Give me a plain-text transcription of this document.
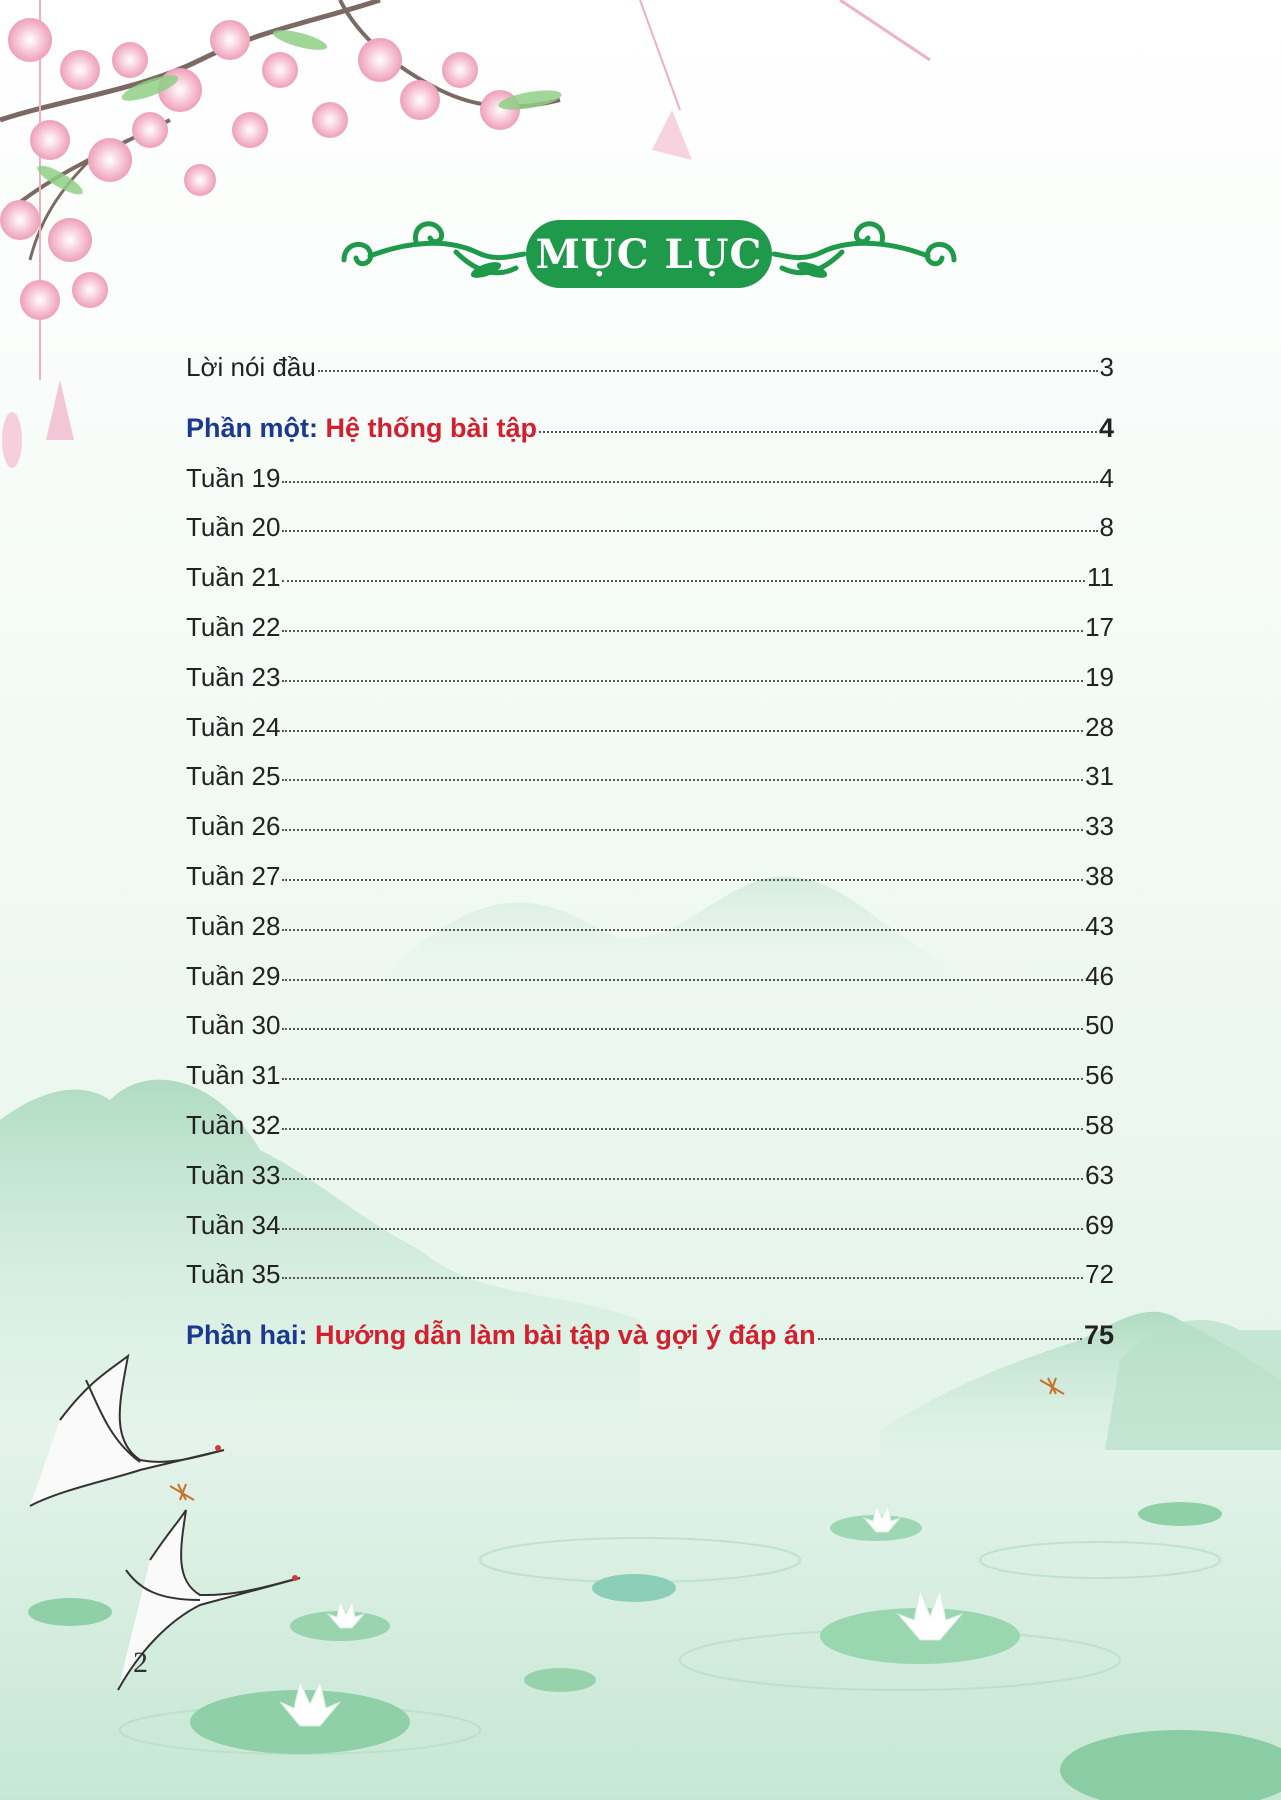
MỤC LỤC
Lời nói đầu	3
Phần một: Hệ thống bài tập	4
Tuần 19	4
Tuần 20	8
Tuần 21	11
Tuần 22	17
Tuần 23	19
Tuần 24	28
Tuần 25	31
Tuần 26	33
Tuần 27	38
Tuần 28	43
Tuần 29	46
Tuần 30	50
Tuần 31	56
Tuần 32	58
Tuần 33	63
Tuần 34	69
Tuần 35	72
Phần hai: Hướng dẫn làm bài tập và gợi ý đáp án	75
2
